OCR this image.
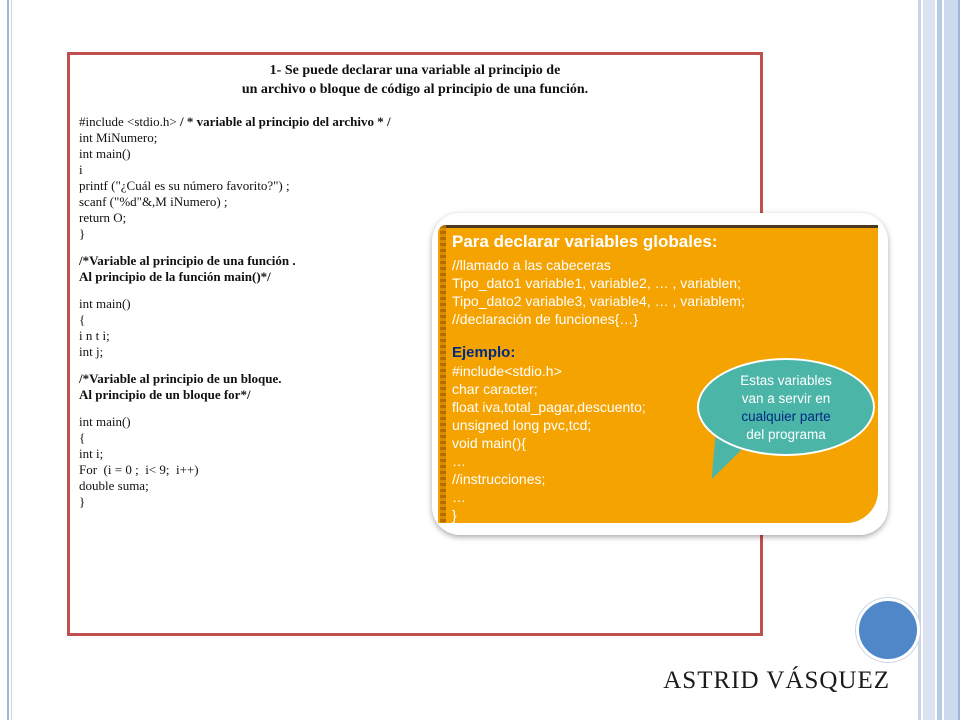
1- Se puede declarar una variable al principio de
un archivo o bloque de código al principio de una función.
#include <stdio.h> / * variable al principio del archivo * /
int MiNumero;
int main()
i
printf ("¿Cuál es su número favorito?") ;
scanf ("%d"&,M iNumero) ;
return O;
}
/*Variable al principio de una función .
Al principio de la función main()*/
int main()
{
i n t i;
int j;
/*Variable al principio de un bloque.
Al principio de un bloque for*/
int main()
{
int i;
For  (i = 0 ;  i< 9;  i++)
double suma;
}
Para declarar variables globales:
//llamado a las cabeceras
Tipo_dato1 variable1, variable2, … , variablen;
Tipo_dato2 variable3, variable4, … , variablem;
//declaración de funciones{…}
Ejemplo:
#include<stdio.h>
char caracter;
float iva,total_pagar,descuento;
unsigned long pvc,tcd;
void main(){
…
//instrucciones;
…
}
Estas variables
van a servir en
cualquier parte
del programa
ASTRID VÁSQUEZ
